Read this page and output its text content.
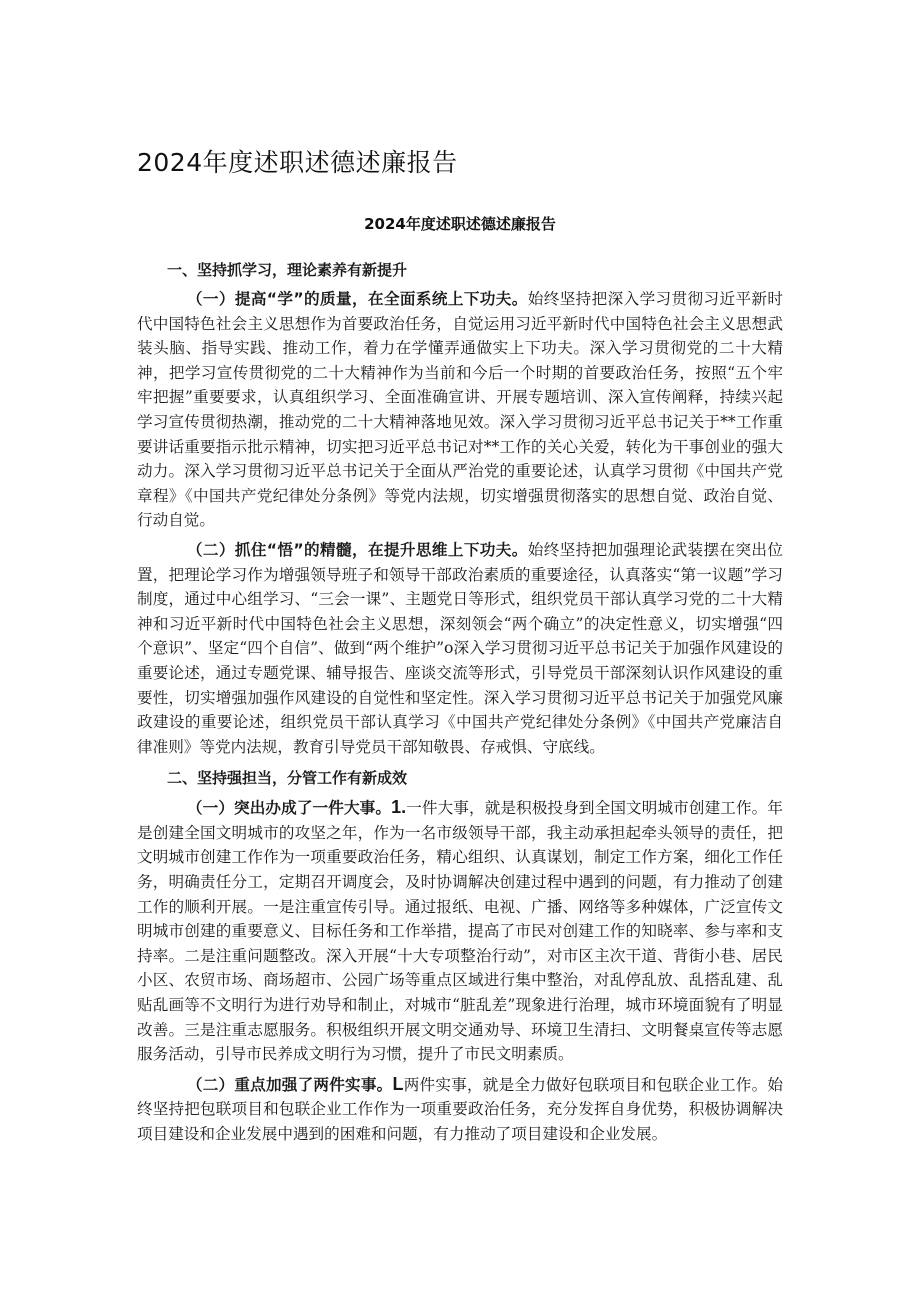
2024年度述职述德述廉报告
2024年度述职述德述廉报告

一、坚持抓学习，理论素养有新提升

（一）提高“学”的质量，在全面系统上下功夫。始终坚持把深入学习贯彻习近平新时代中国特色社会主义思想作为首要政治任务，自觉运用习近平新时代中国特色社会主义思想武装头脑、指导实践、推动工作，着力在学懂弄通做实上下功夫。深入学习贯彻党的二十大精神，把学习宣传贯彻党的二十大精神作为当前和今后一个时期的首要政治任务，按照“五个牢牢把握”重要要求，认真组织学习、全面准确宣讲、开展专题培训、深入宣传阐释，持续兴起学习宣传贯彻热潮，推动党的二十大精神落地见效。深入学习贯彻习近平总书记关于**工作重要讲话重要指示批示精神，切实把习近平总书记对**工作的关心关爱，转化为干事创业的强大动力。深入学习贯彻习近平总书记关于全面从严治党的重要论述，认真学习贯彻《中国共产党章程》《中国共产党纪律处分条例》等党内法规，切实增强贯彻落实的思想自觉、政治自觉、行动自觉。

（二）抓住“悟”的精髓，在提升思维上下功夫。始终坚持把加强理论武装摆在突出位置，把理论学习作为增强领导班子和领导干部政治素质的重要途径，认真落实“第一议题”学习制度，通过中心组学习、“三会一课”、主题党日等形式，组织党员干部认真学习党的二十大精神和习近平新时代中国特色社会主义思想，深刻领会“两个确立”的决定性意义，切实增强“四个意识”、坚定“四个自信”、做到“两个维护”o深入学习贯彻习近平总书记关于加强作风建设的重要论述，通过专题党课、辅导报告、座谈交流等形式，引导党员干部深刻认识作风建设的重要性，切实增强加强作风建设的自觉性和坚定性。深入学习贯彻习近平总书记关于加强党风廉政建设的重要论述，组织党员干部认真学习《中国共产党纪律处分条例》《中国共产党廉洁自律准则》等党内法规，教育引导党员干部知敬畏、存戒惧、守底线。

二、坚持强担当，分管工作有新成效

（一）突出办成了一件大事。1.一件大事，就是积极投身到全国文明城市创建工作。年是创建全国文明城市的攻坚之年，作为一名市级领导干部，我主动承担起牵头领导的责任，把文明城市创建工作作为一项重要政治任务，精心组织、认真谋划，制定工作方案，细化工作任务，明确责任分工，定期召开调度会，及时协调解决创建过程中遇到的问题，有力推动了创建工作的顺利开展。一是注重宣传引导。通过报纸、电视、广播、网络等多种媒体，广泛宣传文明城市创建的重要意义、目标任务和工作举措，提高了市民对创建工作的知晓率、参与率和支持率。二是注重问题整改。深入开展“十大专项整治行动”，对市区主次干道、背街小巷、居民小区、农贸市场、商场超市、公园广场等重点区域进行集中整治，对乱停乱放、乱搭乱建、乱贴乱画等不文明行为进行劝导和制止，对城市“脏乱差”现象进行治理，城市环境面貌有了明显改善。三是注重志愿服务。积极组织开展文明交通劝导、环境卫生清扫、文明餐桌宣传等志愿服务活动，引导市民养成文明行为习惯，提升了市民文明素质。

（二）重点加强了两件实事。L两件实事，就是全力做好包联项目和包联企业工作。始终坚持把包联项目和包联企业工作作为一项重要政治任务，充分发挥自身优势，积极协调解决项目建设和企业发展中遇到的困难和问题，有力推动了项目建设和企业发展。
